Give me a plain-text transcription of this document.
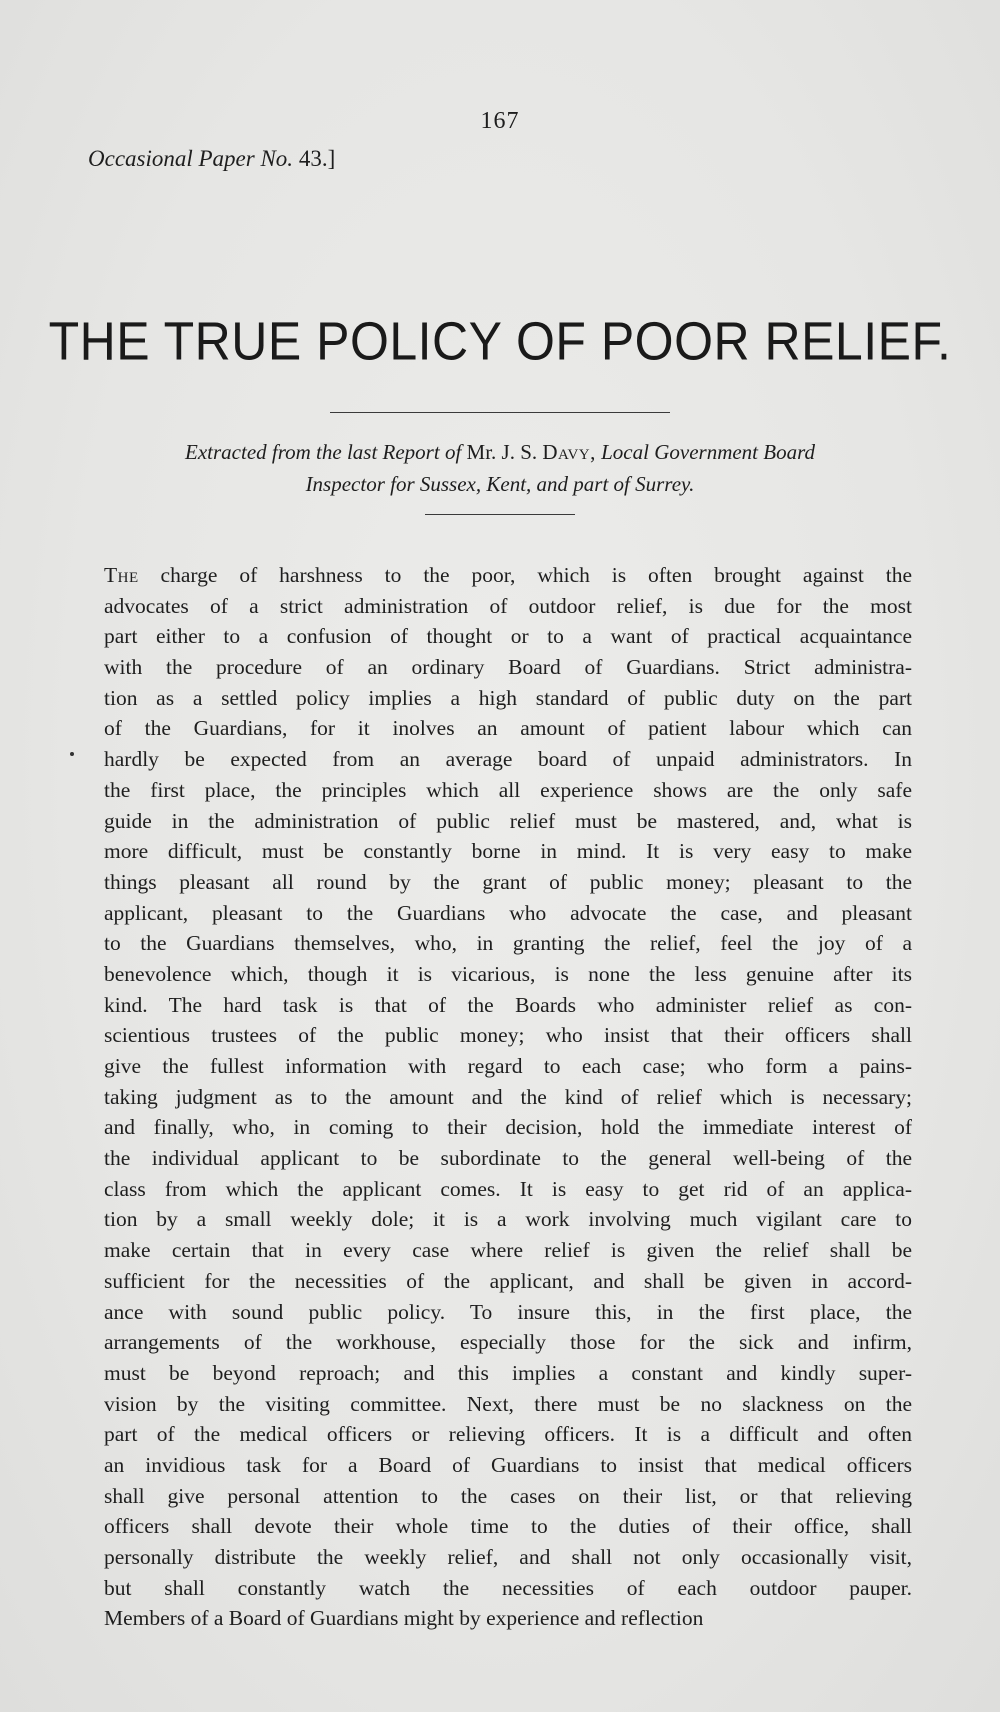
167
Occasional Paper No. 43.]
THE TRUE POLICY OF POOR RELIEF.
Extracted from the last Report of Mr. J. S. Davy, Local Government Board
Inspector for Sussex, Kent, and part of Surrey.
The charge of harshness to the poor, which is often brought against the
advocates of a strict administration of outdoor relief, is due for the most
part either to a confusion of thought or to a want of practical acquaintance
with the procedure of an ordinary Board of Guardians. Strict administra-
tion as a settled policy implies a high standard of public duty on the part
of the Guardians, for it inolves an amount of patient labour which can
hardly be expected from an average board of unpaid administrators. In
the first place, the principles which all experience shows are the only safe
guide in the administration of public relief must be mastered, and, what is
more difficult, must be constantly borne in mind. It is very easy to make
things pleasant all round by the grant of public money; pleasant to the
applicant, pleasant to the Guardians who advocate the case, and pleasant
to the Guardians themselves, who, in granting the relief, feel the joy of a
benevolence which, though it is vicarious, is none the less genuine after its
kind. The hard task is that of the Boards who administer relief as con-
scientious trustees of the public money; who insist that their officers shall
give the fullest information with regard to each case; who form a pains-
taking judgment as to the amount and the kind of relief which is necessary;
and finally, who, in coming to their decision, hold the immediate interest of
the individual applicant to be subordinate to the general well-being of the
class from which the applicant comes. It is easy to get rid of an applica-
tion by a small weekly dole; it is a work involving much vigilant care to
make certain that in every case where relief is given the relief shall be
sufficient for the necessities of the applicant, and shall be given in accord-
ance with sound public policy. To insure this, in the first place, the
arrangements of the workhouse, especially those for the sick and infirm,
must be beyond reproach; and this implies a constant and kindly super-
vision by the visiting committee. Next, there must be no slackness on the
part of the medical officers or relieving officers. It is a difficult and often
an invidious task for a Board of Guardians to insist that medical officers
shall give personal attention to the cases on their list, or that relieving
officers shall devote their whole time to the duties of their office, shall
personally distribute the weekly relief, and shall not only occasionally visit,
but shall constantly watch the necessities of each outdoor pauper.
Members of a Board of Guardians might by experience and reflection
